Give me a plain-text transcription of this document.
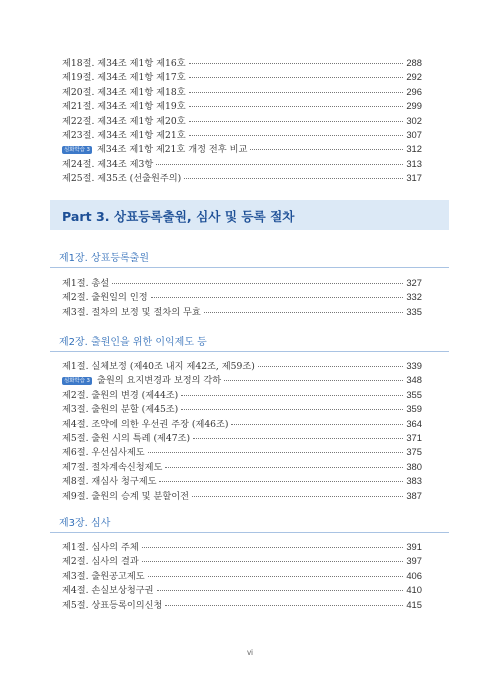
제18절. 제34조 제1항 제16호	288
제19절. 제34조 제1항 제17호	292
제20절. 제34조 제1항 제18호	296
제21절. 제34조 제1항 제19호	299
제22절. 제34조 제1항 제20호	302
제23절. 제34조 제1항 제21호	307
심화학습 3 제34조 제1항 제21호 개정 전후 비교	312
제24절. 제34조 제3항	313
제25절. 제35조 (선출원주의)	317
Part 3. 상표등록출원, 심사 및 등록 절차
제1장. 상표등록출원
제1절. 총설	327
제2절. 출원일의 인정	332
제3절. 절차의 보정 및 절차의 무효	335
제2장. 출원인을 위한 이익제도 등
제1절. 실체보정 (제40조 내지 제42조, 제59조)	339
심화학습 3 출원의 요지변경과 보정의 각하	348
제2절. 출원의 변경 (제44조)	355
제3절. 출원의 분할 (제45조)	359
제4절. 조약에 의한 우선권 주장 (제46조)	364
제5절. 출원 시의 특례 (제47조)	371
제6절. 우선심사제도	375
제7절. 절차계속신청제도	380
제8절. 재심사 청구제도	383
제9절. 출원의 승계 및 분할이전	387
제3장. 심사
제1절. 심사의 주체	391
제2절. 심사의 결과	397
제3절. 출원공고제도	406
제4절. 손실보상청구권	410
제5절. 상표등록이의신청	415
vi
